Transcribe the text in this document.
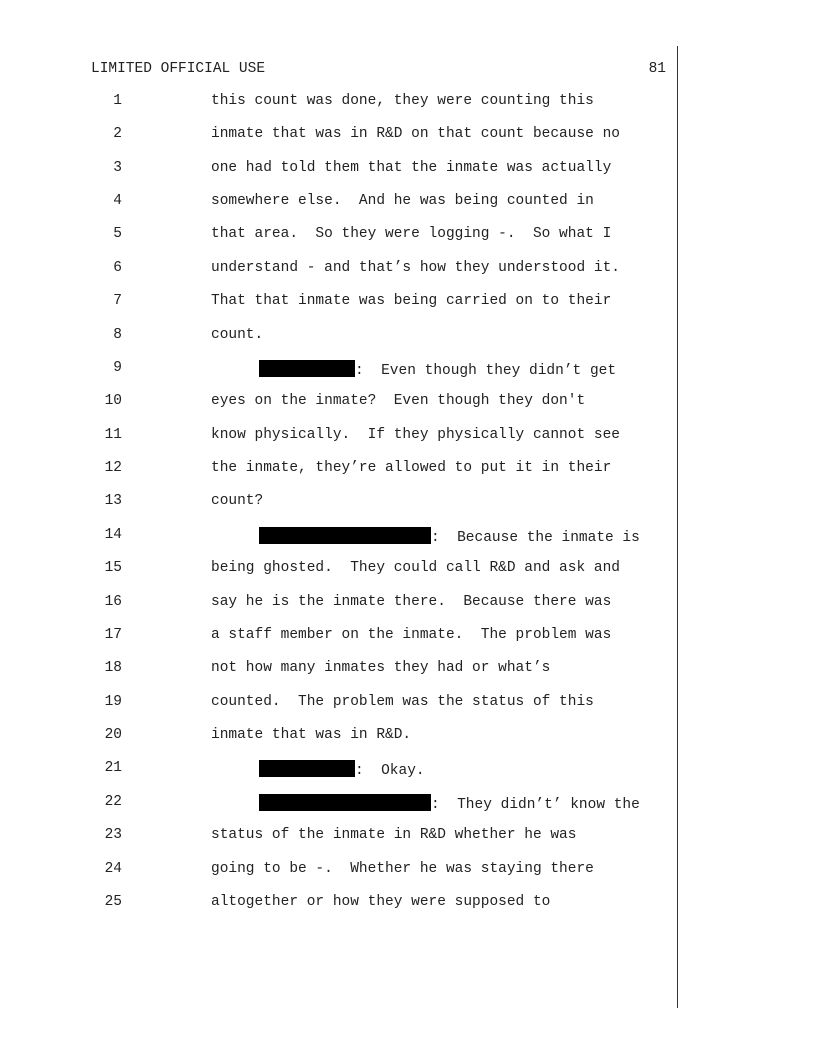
LIMITED OFFICIAL USE	81
1	this count was done, they were counting this
2	inmate that was in R&D on that count because no
3	one had told them that the inmate was actually
4	somewhere else.  And he was being counted in
5	that area.  So they were logging -.  So what I
6	understand - and that’s how they understood it.
7	That that inmate was being carried on to their
8	count.
9	:  Even though they didn’t get
10	eyes on the inmate?  Even though they don't
11	know physically.  If they physically cannot see
12	the inmate, they’re allowed to put it in their
13	count?
14	:  Because the inmate is
15	being ghosted.  They could call R&D and ask and
16	say he is the inmate there.  Because there was
17	a staff member on the inmate.  The problem was
18	not how many inmates they had or what’s
19	counted.  The problem was the status of this
20	inmate that was in R&D.
21	:  Okay.
22	:  They didn’t’ know the
23	status of the inmate in R&D whether he was
24	going to be -.  Whether he was staying there
25	altogether or how they were supposed to
